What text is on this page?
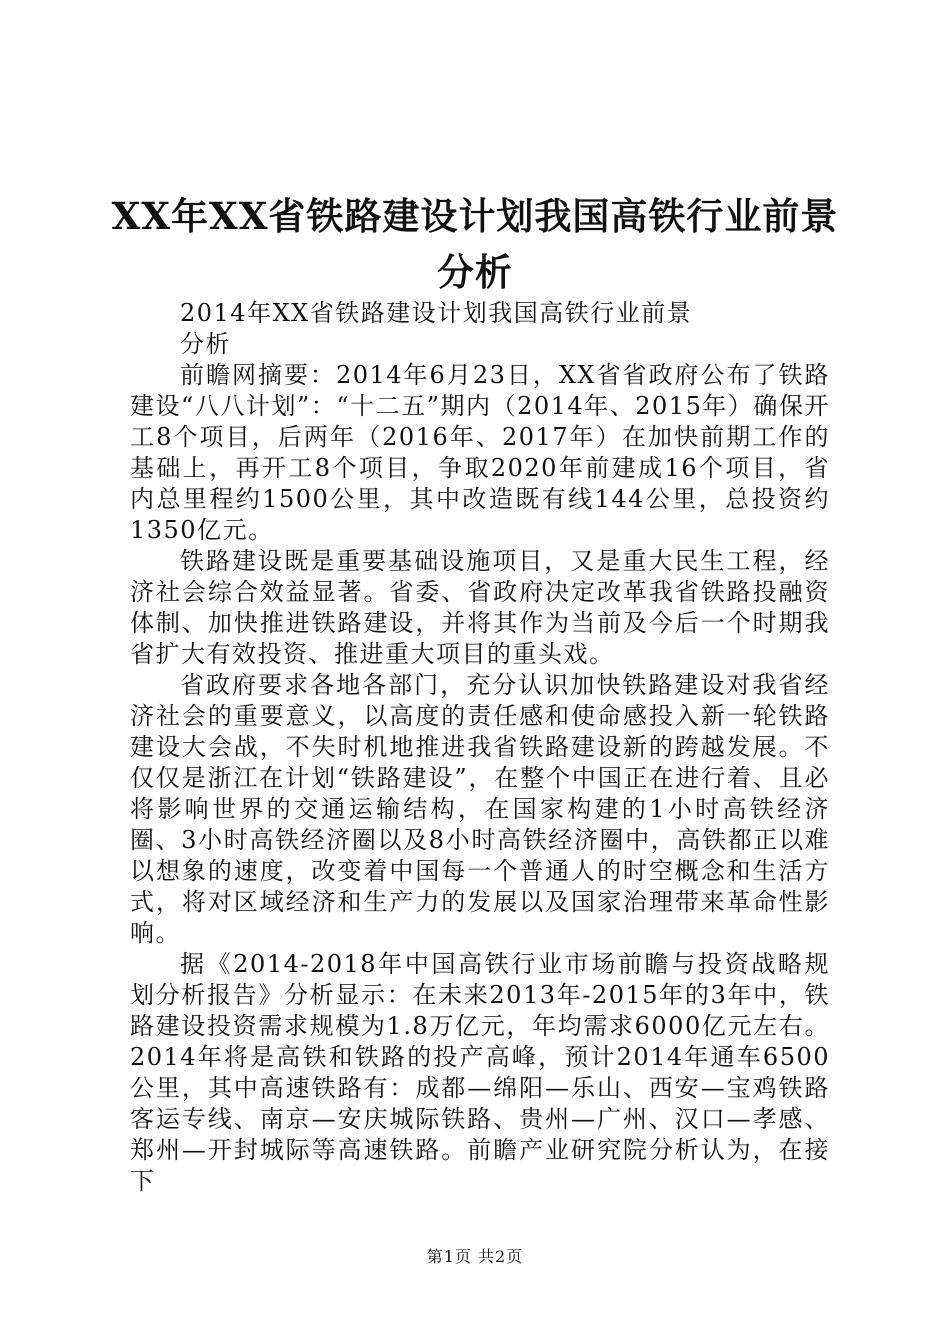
XX年XX省铁路建设计划我国高铁行业前景分析

2014年XX省铁路建设计划我国高铁行业前景

分析

前瞻网摘要：2014年6月23日，XX省省政府公布了铁路建设“八八计划”：“十二五”期内（2014年、2015年）确保开工8个项目，后两年（2016年、2017年）在加快前期工作的基础上，再开工8个项目，争取2020年前建成16个项目，省内总里程约1500公里，其中改造既有线144公里，总投资约1350亿元。

铁路建设既是重要基础设施项目，又是重大民生工程，经济社会综合效益显著。省委、省政府决定改革我省铁路投融资体制、加快推进铁路建设，并将其作为当前及今后一个时期我省扩大有效投资、推进重大项目的重头戏。

省政府要求各地各部门，充分认识加快铁路建设对我省经济社会的重要意义，以高度的责任感和使命感投入新一轮铁路建设大会战，不失时机地推进我省铁路建设新的跨越发展。不仅仅是浙江在计划“铁路建设”，在整个中国正在进行着、且必将影响世界的交通运输结构，在国家构建的1小时高铁经济圈、3小时高铁经济圈以及8小时高铁经济圈中，高铁都正以难以想象的速度，改变着中国每一个普通人的时空概念和生活方式，将对区域经济和生产力的发展以及国家治理带来革命性影响。

据《2014-2018年中国高铁行业市场前瞻与投资战略规划分析报告》分析显示：在未来2013年-2015年的3年中，铁路建设投资需求规模为1.8万亿元，年均需求6000亿元左右。2014年将是高铁和铁路的投产高峰，预计2014年通车6500公里，其中高速铁路有：成都—绵阳—乐山、西安—宝鸡铁路客运专线、南京—安庆城际铁路、贵州—广州、汉口—孝感、郑州—开封城际等高速铁路。前瞻产业研究院分析认为，在接下

第1页 共2页
